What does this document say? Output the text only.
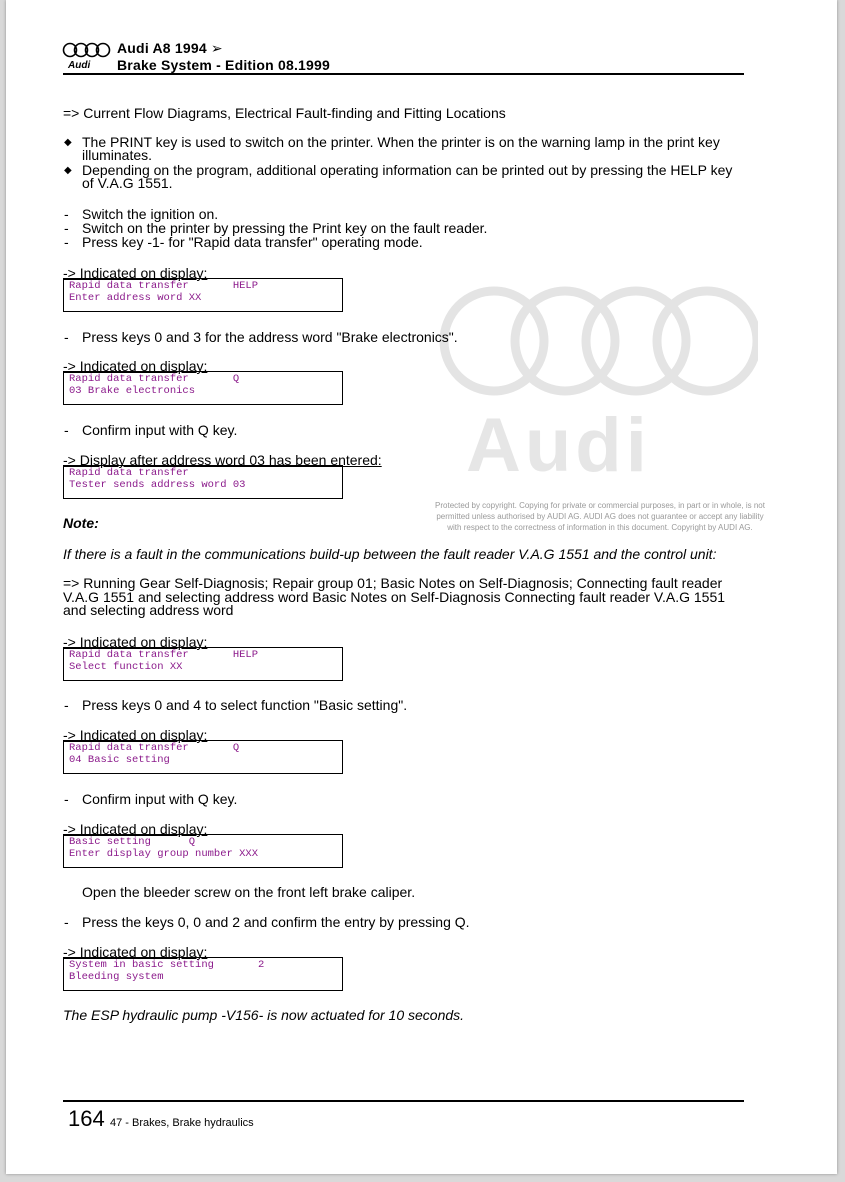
Audi
Audi A8 1994 ➢
Brake System - Edition 08.1999
Audi
Protected by copyright. Copying for private or commercial purposes, in part or in whole, is not
permitted unless authorised by AUDI AG. AUDI AG does not guarantee or accept any liability
with respect to the correctness of information in this document. Copyright by AUDI AG.
=> Current Flow Diagrams, Electrical Fault-finding and Fitting Locations
◆ The PRINT key is used to switch on the printer. When the printer is on the warning lamp in the print key
illuminates.
◆ Depending on the program, additional operating information can be printed out by pressing the HELP key
of V.A.G 1551.
- Switch the ignition on.
- Switch on the printer by pressing the Print key on the fault reader.
- Press key -1- for "Rapid data transfer" operating mode.
-> Indicated on display:
Rapid data transfer       HELP
Enter address word XX
- Press keys 0 and 3 for the address word "Brake electronics".
-> Indicated on display:
Rapid data transfer       Q
03 Brake electronics
- Confirm input with Q key.
-> Display after address word 03 has been entered:
Rapid data transfer
Tester sends address word 03
Note:
If there is a fault in the communications build-up between the fault reader V.A.G 1551 and the control unit:
=> Running Gear Self-Diagnosis; Repair group 01; Basic Notes on Self-Diagnosis; Connecting fault reader
V.A.G 1551 and selecting address word Basic Notes on Self-Diagnosis Connecting fault reader V.A.G 1551
and selecting address word
-> Indicated on display:
Rapid data transfer       HELP
Select function XX
- Press keys 0 and 4 to select function "Basic setting".
-> Indicated on display:
Rapid data transfer       Q
04 Basic setting
- Confirm input with Q key.
-> Indicated on display:
Basic setting      Q
Enter display group number XXX
Open the bleeder screw on the front left brake caliper.
- Press the keys 0, 0 and 2 and confirm the entry by pressing Q.
-> Indicated on display:
System in basic setting       2
Bleeding system
The ESP hydraulic pump -V156- is now actuated for 10 seconds.
164 47 - Brakes, Brake hydraulics
